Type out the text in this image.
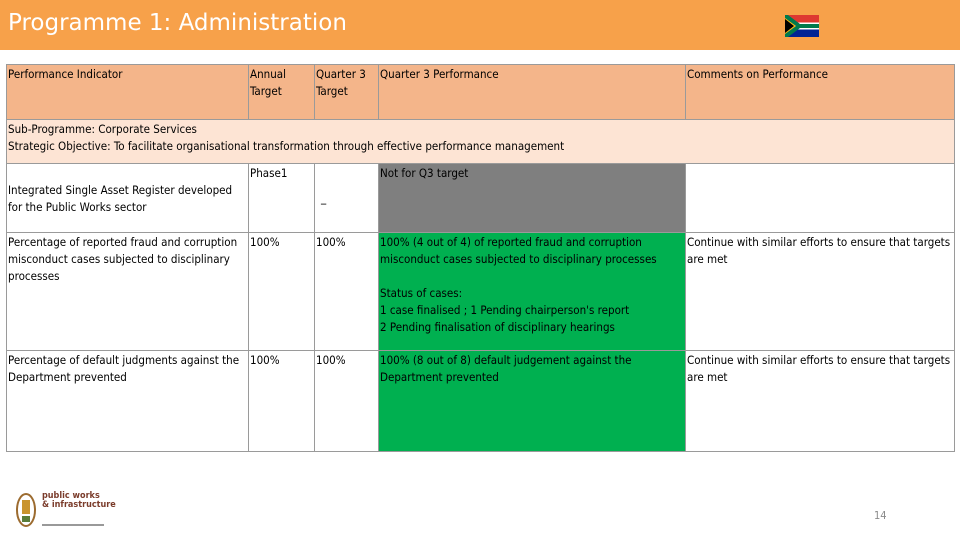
Programme 1: Administration
Performance Indicator	Annual Target	Quarter 3 Target	Quarter 3 Performance	Comments on Performance
Sub-Programme: Corporate Services
Strategic Objective: To facilitate organisational transformation through effective performance management				
Integrated Single Asset Register developed for the Public Works sector	Phase1	_	Not for Q3 target	
Percentage of reported fraud and corruption misconduct cases subjected to disciplinary processes	100%	100%	100% (4 out of 4) of reported fraud and corruption misconduct cases subjected to disciplinary processes

Status of cases:
1 case finalised ; 1 Pending chairperson's report
2 Pending finalisation of disciplinary hearings	Continue with similar efforts to ensure that targets are met
Percentage of default judgments against the Department prevented	100%	100%	100% (8 out of 8) default judgement against the Department prevented	Continue with similar efforts to ensure that targets are met
public works
& infrastructure
14
